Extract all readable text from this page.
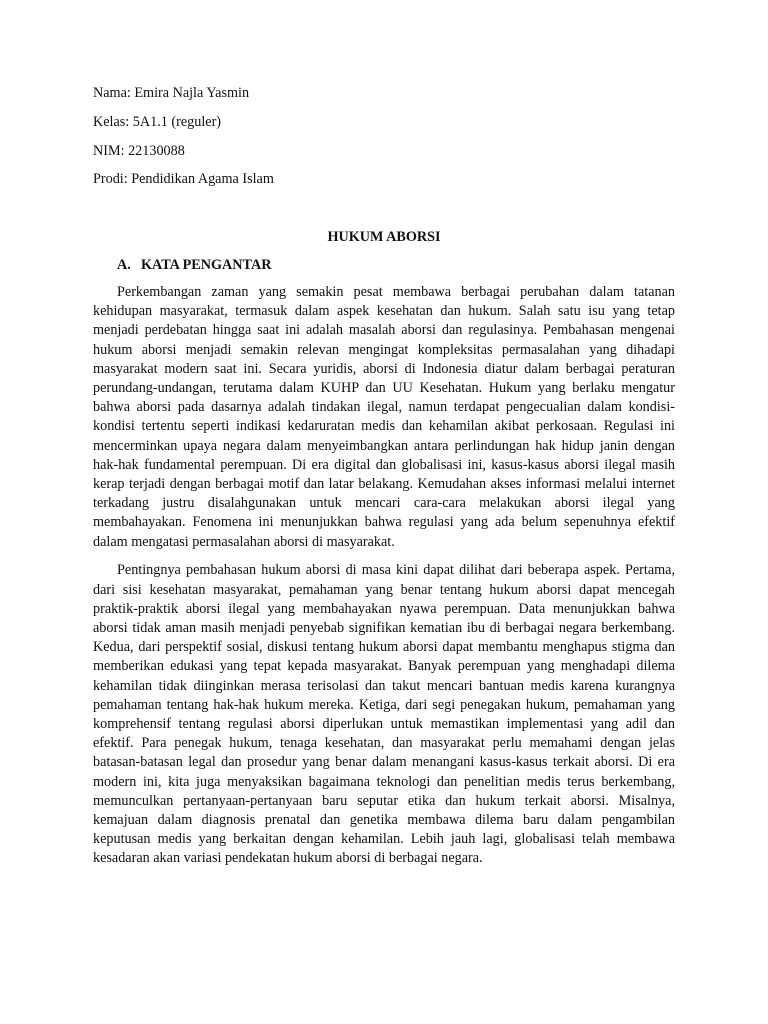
Nama: Emira Najla Yasmin
Kelas: 5A1.1 (reguler)
NIM: 22130088
Prodi: Pendidikan Agama Islam
HUKUM ABORSI
A. KATA PENGANTAR

Perkembangan zaman yang semakin pesat membawa berbagai perubahan dalam tatanan kehidupan masyarakat, termasuk dalam aspek kesehatan dan hukum. Salah satu isu yang tetap menjadi perdebatan hingga saat ini adalah masalah aborsi dan regulasinya. Pembahasan mengenai hukum aborsi menjadi semakin relevan mengingat kompleksitas permasalahan yang dihadapi masyarakat modern saat ini. Secara yuridis, aborsi di Indonesia diatur dalam berbagai peraturan perundang-undangan, terutama dalam KUHP dan UU Kesehatan. Hukum yang berlaku mengatur bahwa aborsi pada dasarnya adalah tindakan ilegal, namun terdapat pengecualian dalam kondisi-kondisi tertentu seperti indikasi kedaruratan medis dan kehamilan akibat perkosaan. Regulasi ini mencerminkan upaya negara dalam menyeimbangkan antara perlindungan hak hidup janin dengan hak-hak fundamental perempuan. Di era digital dan globalisasi ini, kasus-kasus aborsi ilegal masih kerap terjadi dengan berbagai motif dan latar belakang. Kemudahan akses informasi melalui internet terkadang justru disalahgunakan untuk mencari cara-cara melakukan aborsi ilegal yang membahayakan. Fenomena ini menunjukkan bahwa regulasi yang ada belum sepenuhnya efektif dalam mengatasi permasalahan aborsi di masyarakat.

Pentingnya pembahasan hukum aborsi di masa kini dapat dilihat dari beberapa aspek. Pertama, dari sisi kesehatan masyarakat, pemahaman yang benar tentang hukum aborsi dapat mencegah praktik-praktik aborsi ilegal yang membahayakan nyawa perempuan. Data menunjukkan bahwa aborsi tidak aman masih menjadi penyebab signifikan kematian ibu di berbagai negara berkembang. Kedua, dari perspektif sosial, diskusi tentang hukum aborsi dapat membantu menghapus stigma dan memberikan edukasi yang tepat kepada masyarakat. Banyak perempuan yang menghadapi dilema kehamilan tidak diinginkan merasa terisolasi dan takut mencari bantuan medis karena kurangnya pemahaman tentang hak-hak hukum mereka. Ketiga, dari segi penegakan hukum, pemahaman yang komprehensif tentang regulasi aborsi diperlukan untuk memastikan implementasi yang adil dan efektif. Para penegak hukum, tenaga kesehatan, dan masyarakat perlu memahami dengan jelas batasan-batasan legal dan prosedur yang benar dalam menangani kasus-kasus terkait aborsi. Di era modern ini, kita juga menyaksikan bagaimana teknologi dan penelitian medis terus berkembang, memunculkan pertanyaan-pertanyaan baru seputar etika dan hukum terkait aborsi. Misalnya, kemajuan dalam diagnosis prenatal dan genetika membawa dilema baru dalam pengambilan keputusan medis yang berkaitan dengan kehamilan. Lebih jauh lagi, globalisasi telah membawa kesadaran akan variasi pendekatan hukum aborsi di berbagai negara.
